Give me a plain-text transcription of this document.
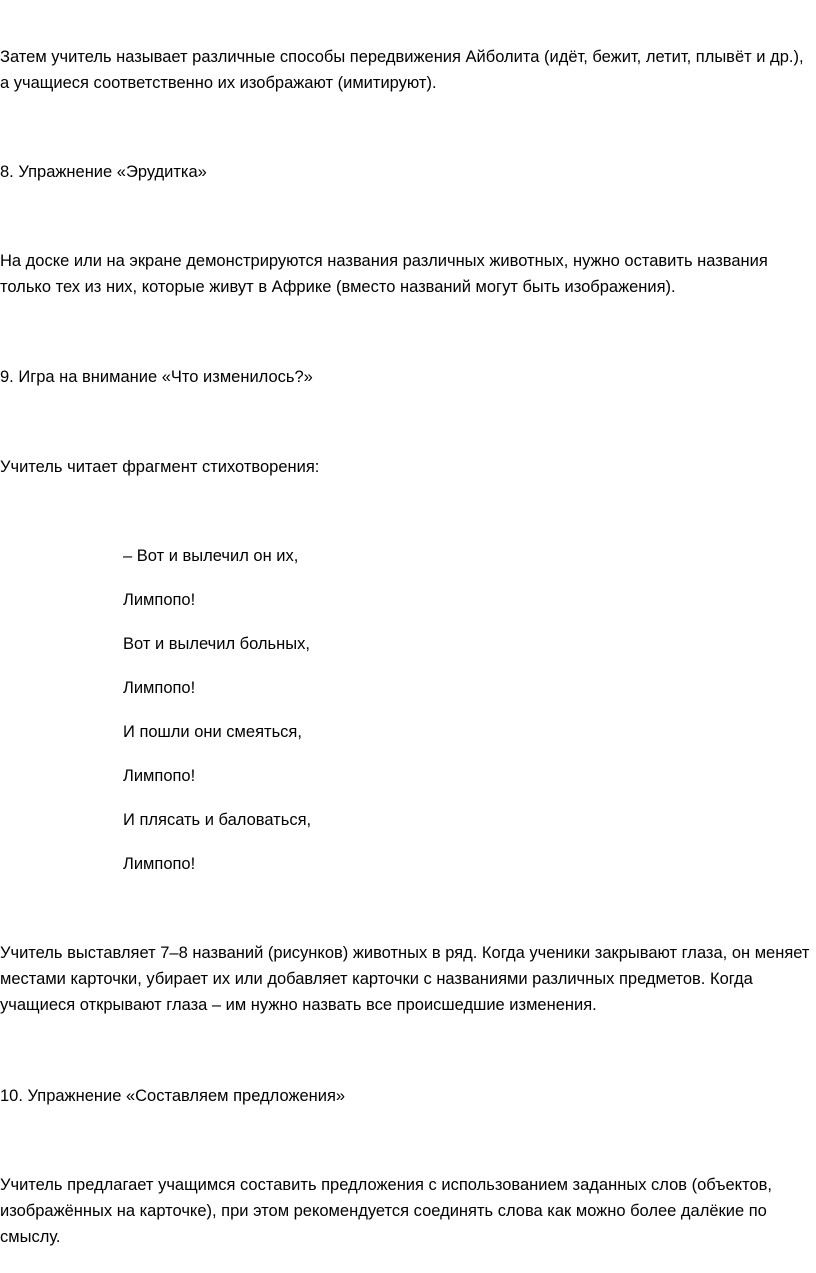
Затем учитель называет различные способы передвижения Айболита (идёт, бежит, летит, плывёт и др.), а учащиеся соответственно их изображают (имитируют).

8. Упражнение «Эрудитка»

На доске или на экране демонстрируются названия различных животных, нужно оставить названия только тех из них, которые живут в Африке (вместо названий могут быть изображения).

9. Игра на внимание «Что изменилось?»

Учитель читает фрагмент стихотворения:

– Вот и вылечил он их,

Лимпопо!

Вот и вылечил больных,

Лимпопо!

И пошли они смеяться,

Лимпопо!

И плясать и баловаться,

Лимпопо!

Учитель выставляет 7–8 названий (рисунков) животных в ряд. Когда ученики закрывают глаза, он меняет местами карточки, убирает их или добавляет карточки с названиями различных предметов. Когда учащиеся открывают глаза – им нужно назвать все происшедшие изменения.

10. Упражнение «Составляем предложения»

Учитель предлагает учащимся составить предложения с использованием заданных слов (объектов, изображённых на карточке), при этом рекомендуется соединять слова как можно более далёкие по смыслу.
